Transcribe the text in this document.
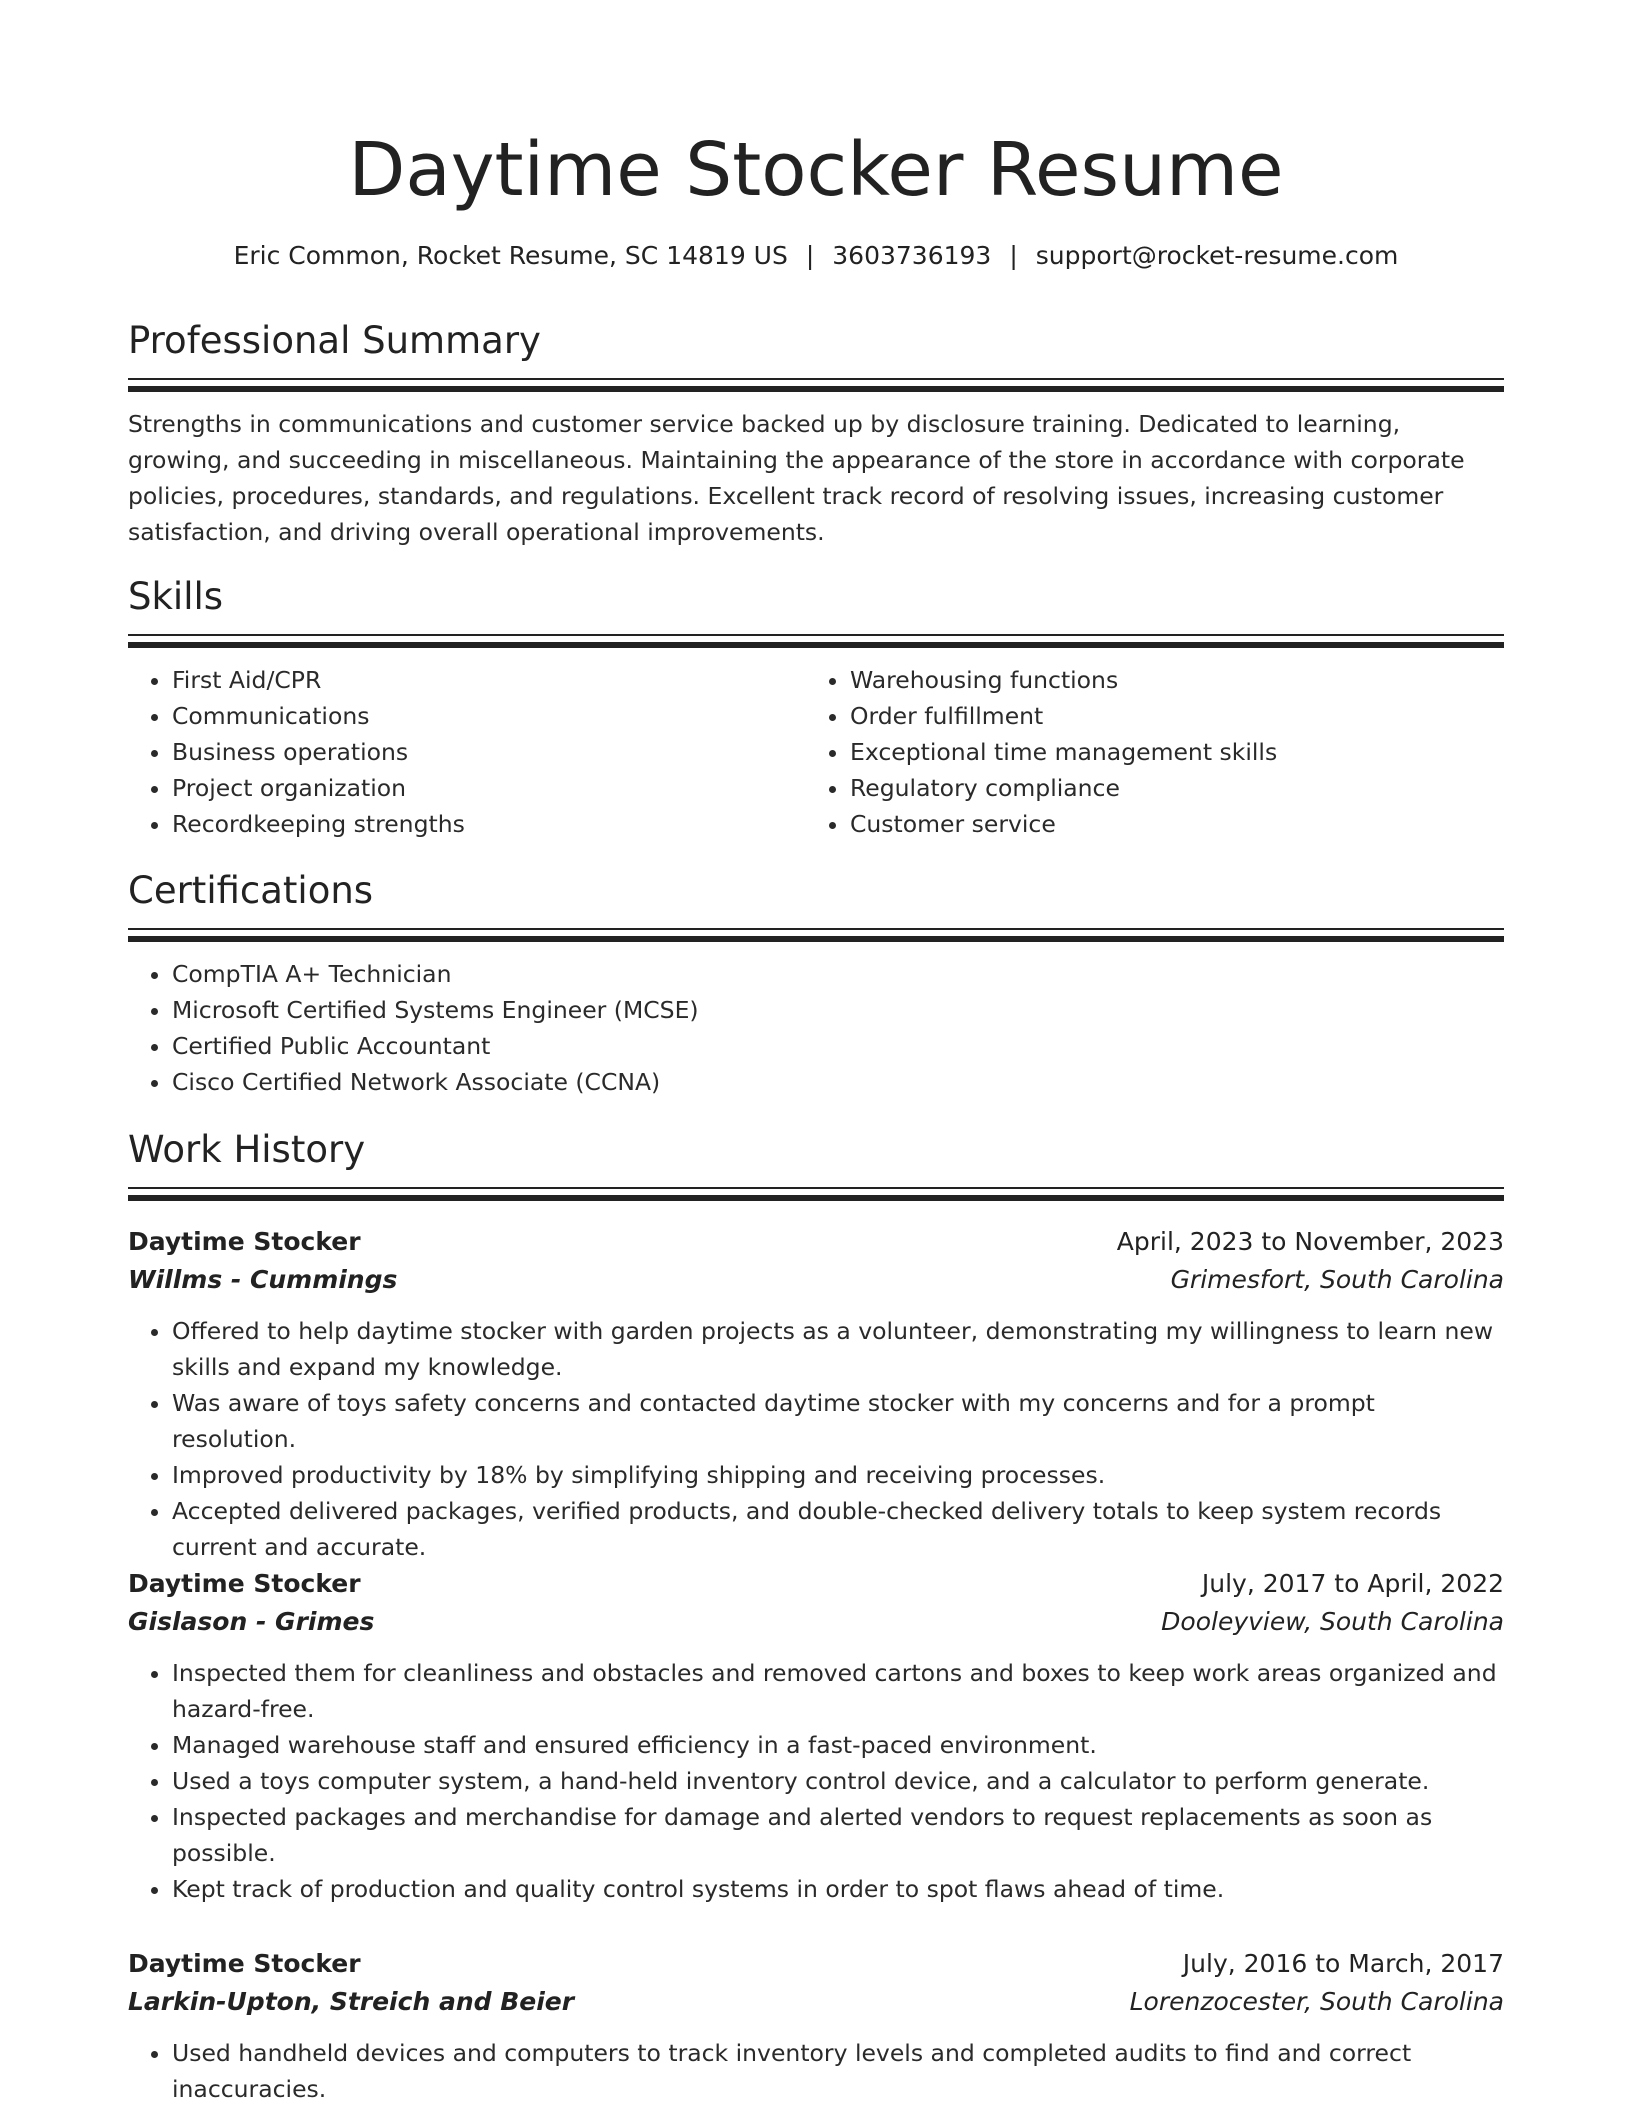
Daytime Stocker Resume
Eric Common, Rocket Resume, SC 14819 US | 3603736193 | support@rocket-resume.com
Professional Summary

Strengths in communications and customer service backed up by disclosure training. Dedicated to learning, growing, and succeeding in miscellaneous. Maintaining the appearance of the store in accordance with corporate policies, procedures, standards, and regulations. Excellent track record of resolving issues, increasing customer satisfaction, and driving overall operational improvements.

Skills
• First Aid/CPR
• Communications
• Business operations
• Project organization
• Recordkeeping strengths
• Warehousing functions
• Order fulfillment
• Exceptional time management skills
• Regulatory compliance
• Customer service
Certifications
• CompTIA A+ Technician
• Microsoft Certified Systems Engineer (MCSE)
• Certified Public Accountant
• Cisco Certified Network Associate (CCNA)
Work History
Daytime Stocker	April, 2023 to November, 2023
Willms - Cummings	Grimesfort, South Carolina
• Offered to help daytime stocker with garden projects as a volunteer, demonstrating my willingness to learn new skills and expand my knowledge.
• Was aware of toys safety concerns and contacted daytime stocker with my concerns and for a prompt resolution.
• Improved productivity by 18% by simplifying shipping and receiving processes.
• Accepted delivered packages, verified products, and double-checked delivery totals to keep system records current and accurate.
Daytime Stocker	July, 2017 to April, 2022
Gislason - Grimes	Dooleyview, South Carolina
• Inspected them for cleanliness and obstacles and removed cartons and boxes to keep work areas organized and hazard-free.
• Managed warehouse staff and ensured efficiency in a fast-paced environment.
• Used a toys computer system, a hand-held inventory control device, and a calculator to perform generate.
• Inspected packages and merchandise for damage and alerted vendors to request replacements as soon as possible.
• Kept track of production and quality control systems in order to spot flaws ahead of time.
Daytime Stocker	July, 2016 to March, 2017
Larkin-Upton, Streich and Beier	Lorenzocester, South Carolina
• Used handheld devices and computers to track inventory levels and completed audits to find and correct inaccuracies.
